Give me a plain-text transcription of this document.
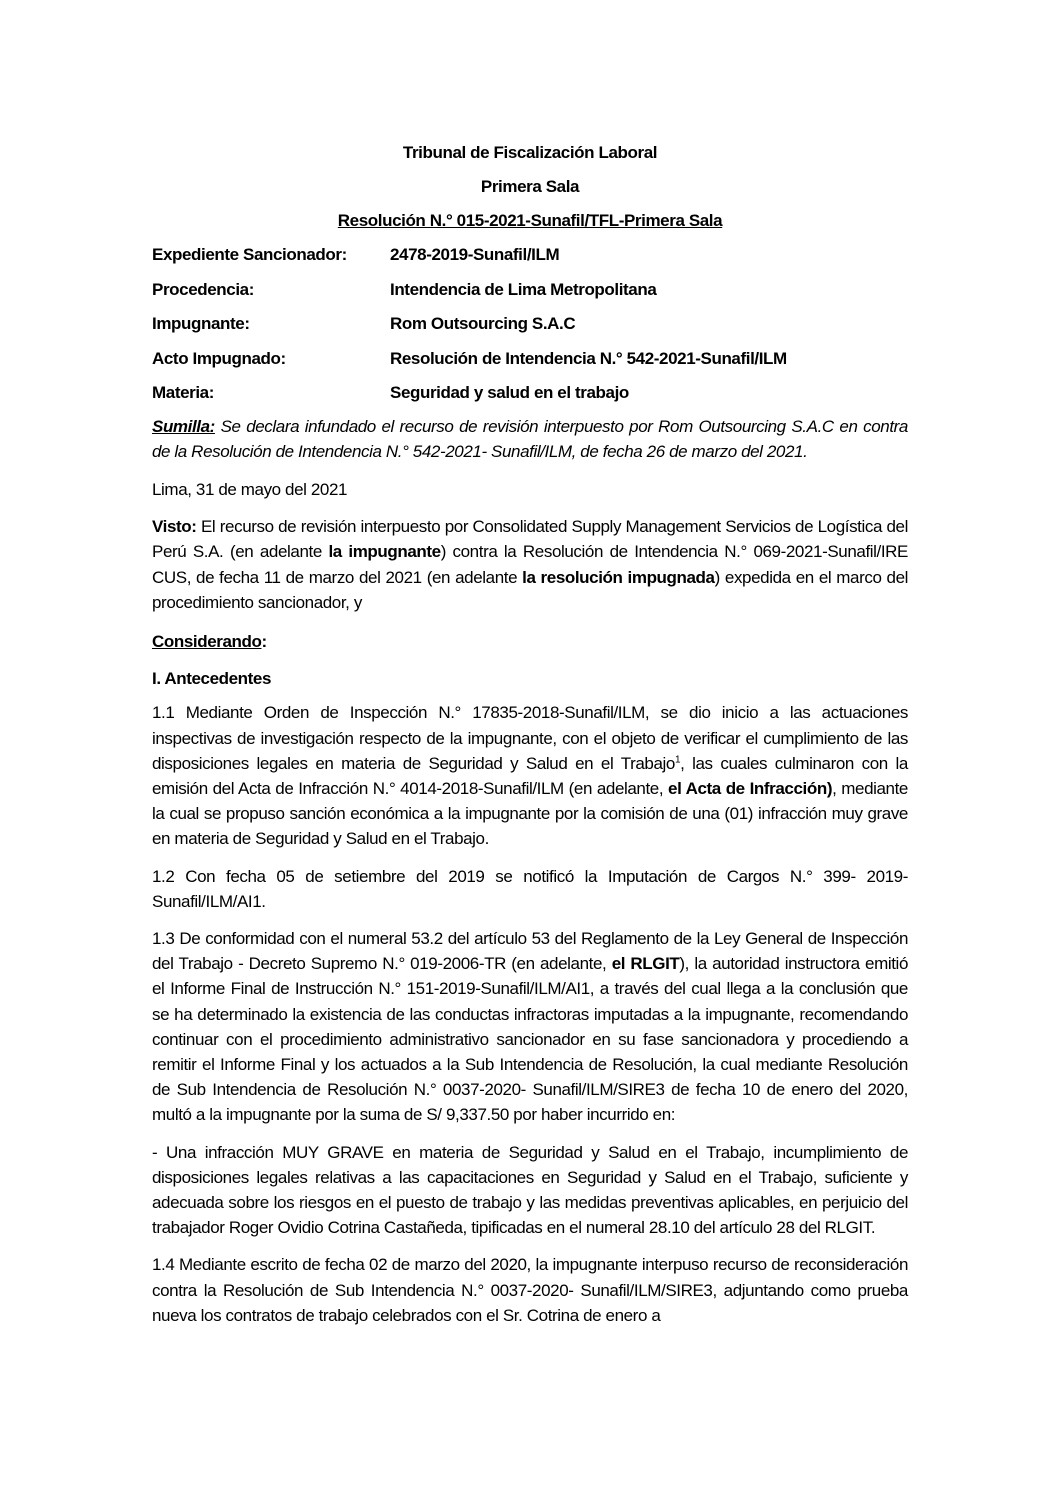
Tribunal de Fiscalización Laboral
Primera Sala
Resolución N.° 015-2021-Sunafil/TFL-Primera Sala
Expediente Sancionador:	2478-2019-Sunafil/ILM
Procedencia:	Intendencia de Lima Metropolitana
Impugnante:	Rom Outsourcing S.A.C
Acto Impugnado:	Resolución de Intendencia N.° 542-2021-Sunafil/ILM
Materia:	Seguridad y salud en el trabajo

Sumilla: Se declara infundado el recurso de revisión interpuesto por Rom Outsourcing S.A.C en contra de la Resolución de Intendencia N.° 542-2021- Sunafil/ILM, de fecha 26 de marzo del 2021.

Lima, 31 de mayo del 2021

Visto: El recurso de revisión interpuesto por Consolidated Supply Management Servicios de Logística del Perú S.A. (en adelante la impugnante) contra la Resolución de Intendencia N.° 069-2021-Sunafil/IRE CUS, de fecha 11 de marzo del 2021 (en adelante la resolución impugnada) expedida en el marco del procedimiento sancionador, y

Considerando:
I. Antecedentes

1.1 Mediante Orden de Inspección N.° 17835-2018-Sunafil/ILM, se dio inicio a las actuaciones inspectivas de investigación respecto de la impugnante, con el objeto de verificar el cumplimiento de las disposiciones legales en materia de Seguridad y Salud en el Trabajo$^1$, las cuales culminaron con la emisión del Acta de Infracción N.° 4014-2018-Sunafil/ILM (en adelante, el Acta de Infracción), mediante la cual se propuso sanción económica a la impugnante por la comisión de una (01) infracción muy grave en materia de Seguridad y Salud en el Trabajo.

1.2 Con fecha 05 de setiembre del 2019 se notificó la Imputación de Cargos N.° 399- 2019-Sunafil/ILM/AI1.

1.3 De conformidad con el numeral 53.2 del artículo 53 del Reglamento de la Ley General de Inspección del Trabajo - Decreto Supremo N.° 019-2006-TR (en adelante, el RLGIT), la autoridad instructora emitió el Informe Final de Instrucción N.° 151-2019-Sunafil/ILM/AI1, a través del cual llega a la conclusión que se ha determinado la existencia de las conductas infractoras imputadas a la impugnante, recomendando continuar con el procedimiento administrativo sancionador en su fase sancionadora y procediendo a remitir el Informe Final y los actuados a la Sub Intendencia de Resolución, la cual mediante Resolución de Sub Intendencia de Resolución N.° 0037-2020- Sunafil/ILM/SIRE3 de fecha 10 de enero del 2020, multó a la impugnante por la suma de S/ 9,337.50 por haber incurrido en:

- Una infracción MUY GRAVE en materia de Seguridad y Salud en el Trabajo, incumplimiento de disposiciones legales relativas a las capacitaciones en Seguridad y Salud en el Trabajo, suficiente y adecuada sobre los riesgos en el puesto de trabajo y las medidas preventivas aplicables, en perjuicio del trabajador Roger Ovidio Cotrina Castañeda, tipificadas en el numeral 28.10 del artículo 28 del RLGIT.

1.4 Mediante escrito de fecha 02 de marzo del 2020, la impugnante interpuso recurso de reconsideración contra la Resolución de Sub Intendencia N.° 0037-2020- Sunafil/ILM/SIRE3, adjuntando como prueba nueva los contratos de trabajo celebrados con el Sr. Cotrina de enero a
